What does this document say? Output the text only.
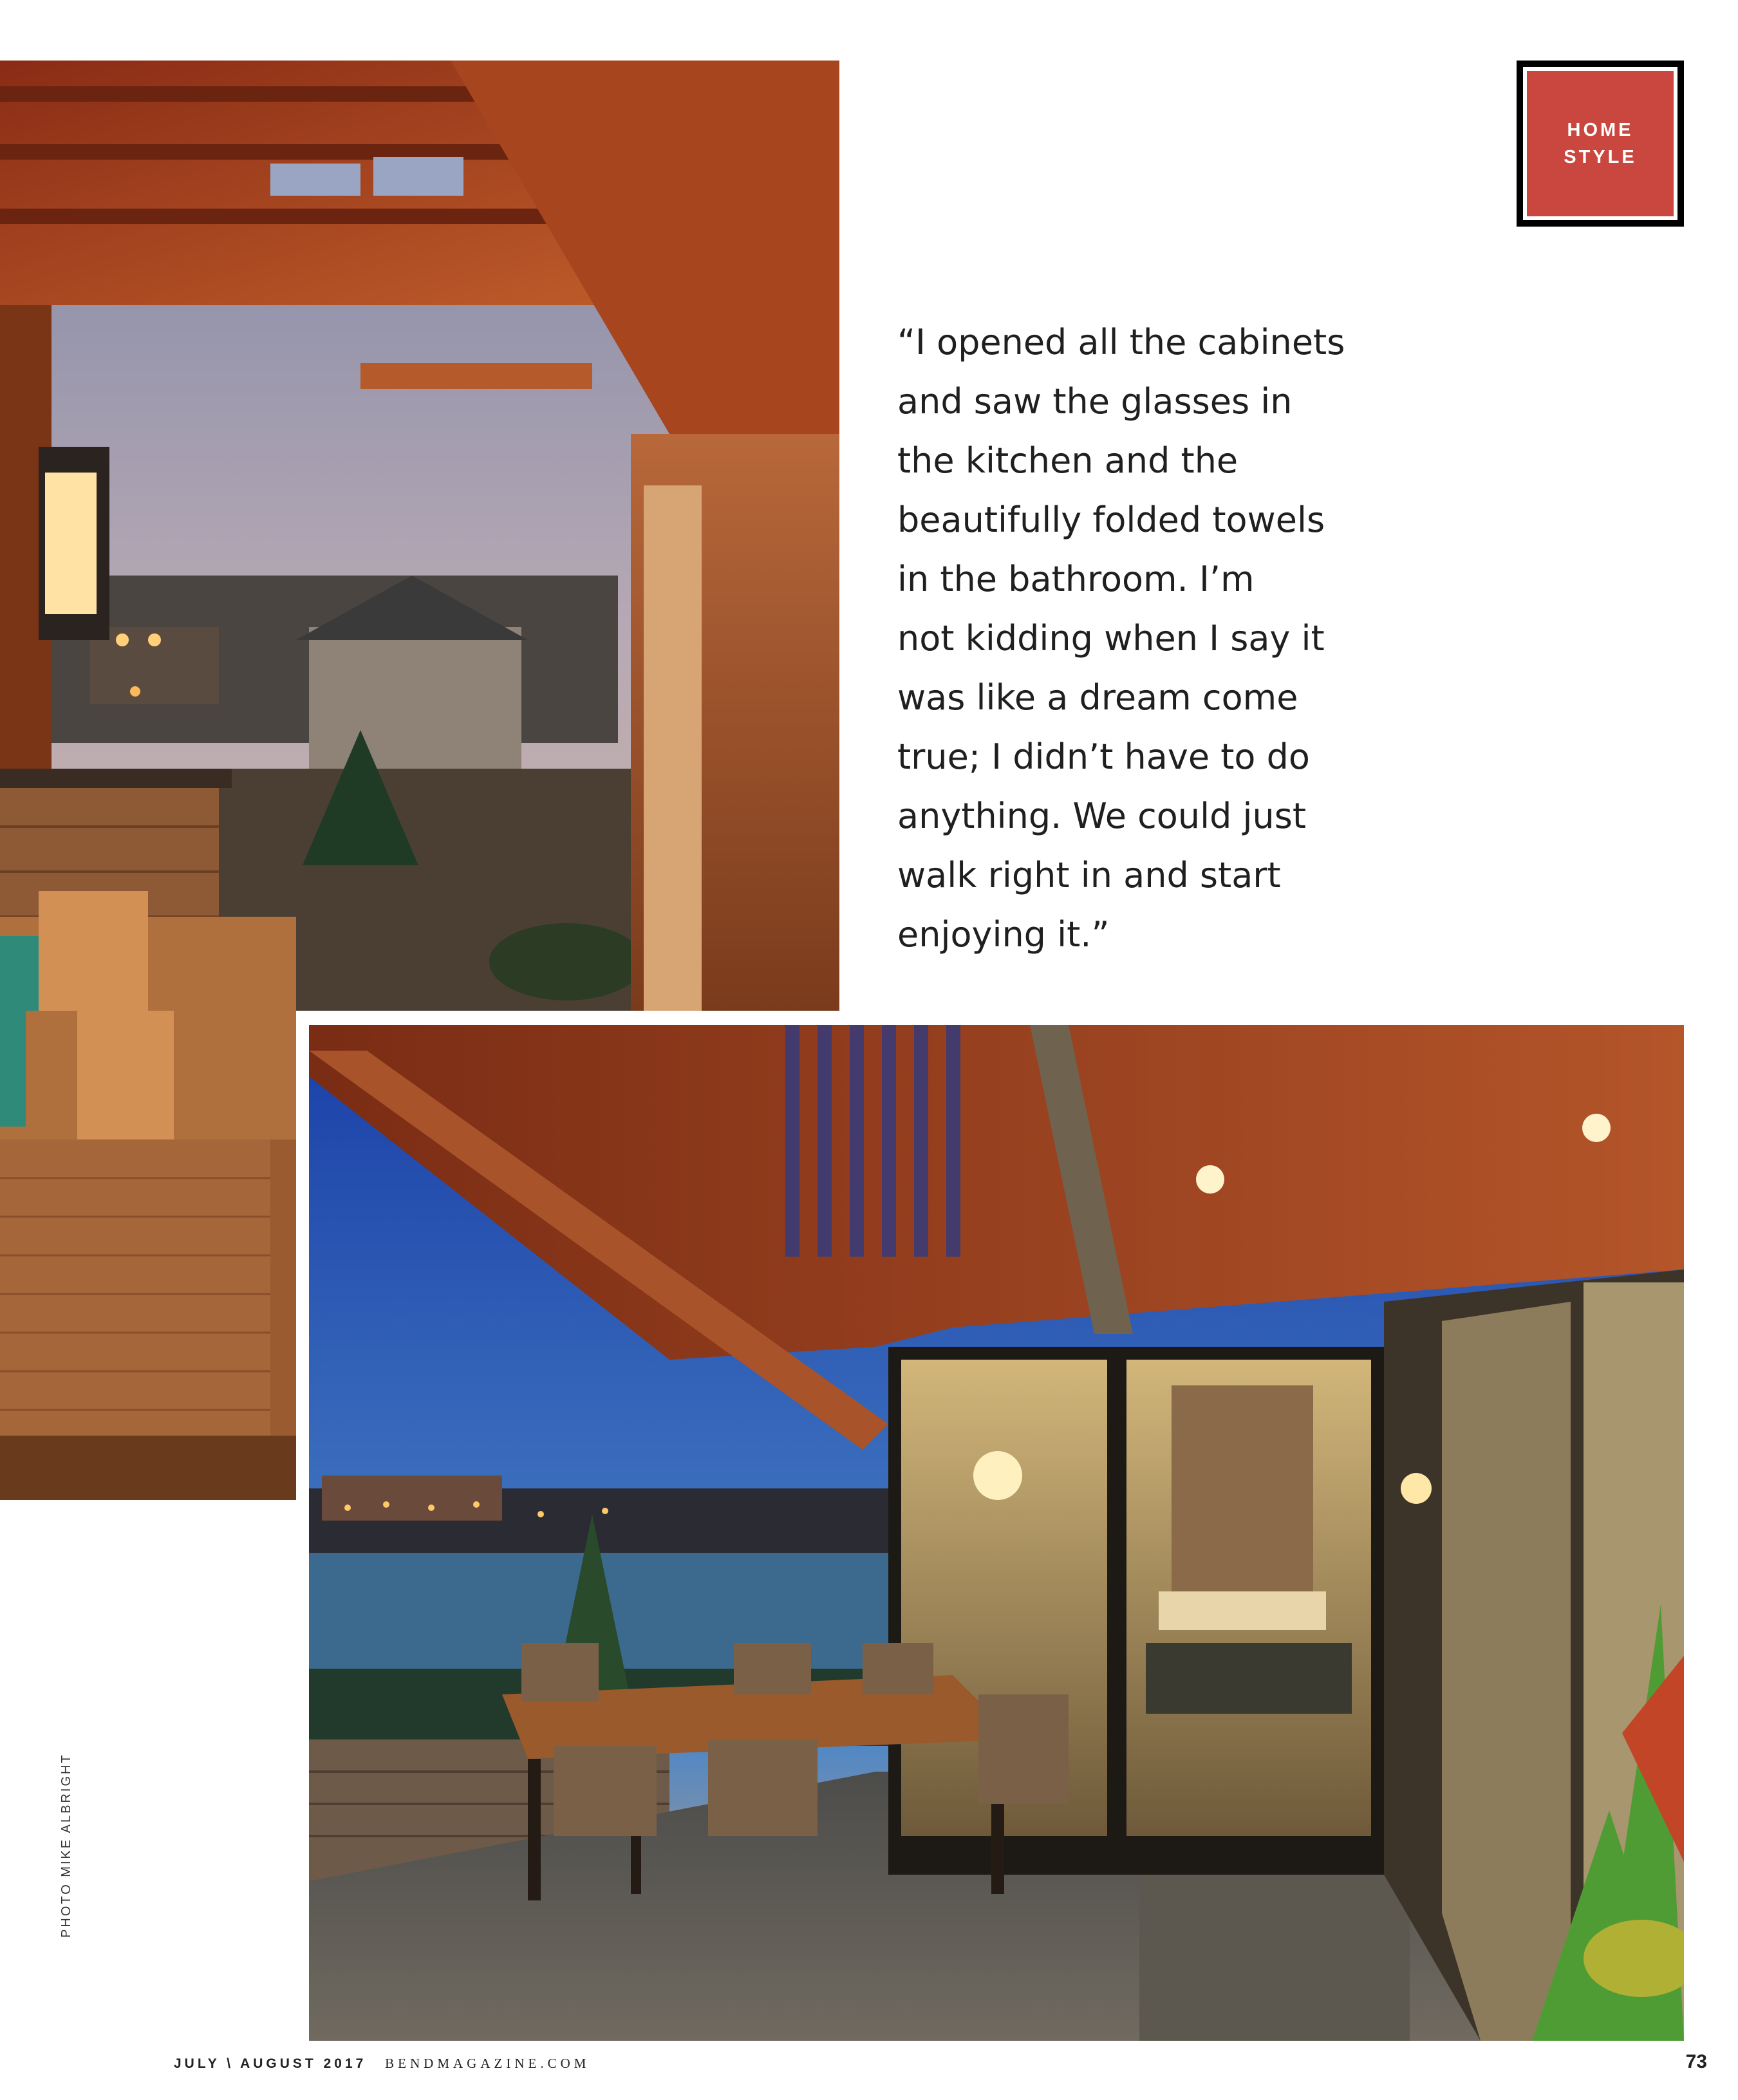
HOME
STYLE
“I opened all the cabinets
and saw the glasses in
the kitchen and the
beautifully folded towels
in the bathroom. I’m
not kidding when I say it
was like a dream come
true; I didn’t have to do
anything. We could just
walk right in and start
enjoying it.”
PHOTO MIKE ALBRIGHT
JULY \ AUGUST 2017 BENDMAGAZINE.COM	73
